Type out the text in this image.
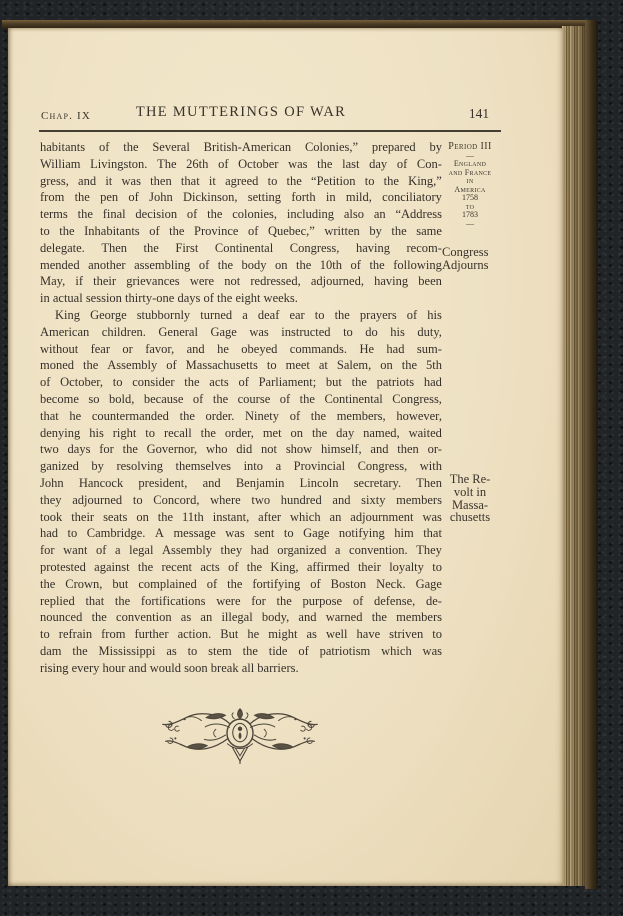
Chap. IX	THE MUTTERINGS OF WAR	141
habitants of the Several British-American Colonies,” prepared by
William Livingston. The 26th of October was the last day of Con-
gress, and it was then that it agreed to the “Petition to the King,”
from the pen of John Dickinson, setting forth in mild, conciliatory
terms the final decision of the colonies, including also an “Address
to the Inhabitants of the Province of Quebec,” written by the same
delegate. Then the First Continental Congress, having recom-
mended another assembling of the body on the 10th of the following
May, if their grievances were not redressed, adjourned, having been
in actual session thirty-one days of the eight weeks.
King George stubbornly turned a deaf ear to the prayers of his
American children. General Gage was instructed to do his duty,
without fear or favor, and he obeyed commands. He had sum-
moned the Assembly of Massachusetts to meet at Salem, on the 5th
of October, to consider the acts of Parliament; but the patriots had
become so bold, because of the course of the Continental Congress,
that he countermanded the order. Ninety of the members, however,
denying his right to recall the order, met on the day named, waited
two days for the Governor, who did not show himself, and then or-
ganized by resolving themselves into a Provincial Congress, with
John Hancock president, and Benjamin Lincoln secretary. Then
they adjourned to Concord, where two hundred and sixty members
took their seats on the 11th instant, after which an adjournment was
had to Cambridge. A message was sent to Gage notifying him that
for want of a legal Assembly they had organized a convention. They
protested against the recent acts of the King, affirmed their loyalty to
the Crown, but complained of the fortifying of Boston Neck. Gage
replied that the fortifications were for the purpose of defense, de-
nounced the convention as an illegal body, and warned the members
to refrain from further action. But he might as well have striven to
dam the Mississippi as to stem the tide of patriotism which was
rising every hour and would soon break all barriers.
Period III
—
England
and France
in
America
1758
to
1783
—
Congress
Adjourns
The Re-
volt in
Massa-
chusetts
